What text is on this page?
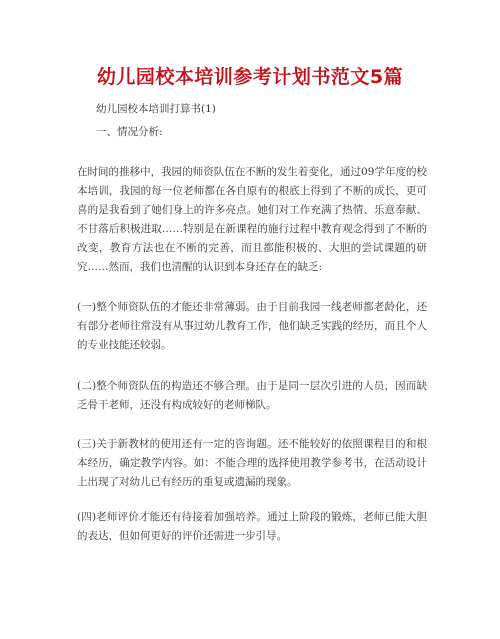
幼儿园校本培训参考计划书范文5篇
幼儿园校本培训打算书(1)
一、情况分析:

在时间的推移中，我园的师资队伍在不断的发生着变化，通过09学年度的校本培训，我园的每一位老师都在各自原有的根底上得到了不断的成长，更可喜的是我看到了她们身上的许多亮点。她们对工作充满了热情、乐意奉献、不甘落后积极进取……特别是在新课程的施行过程中教育观念得到了不断的改变，教育方法也在不断的完善，而且都能积极的、大胆的尝试课题的研究……然而，我们也清醒的认识到本身还存在的缺乏:

(一)整个师资队伍的才能还非常薄弱。由于目前我园一线老师都老龄化，还有部分老师往常没有从事过幼儿教育工作，他们缺乏实践的经历，而且个人的专业技能还较弱。

(二)整个师资队伍的构造还不够合理。由于是同一层次引进的人员，因而缺乏骨干老师，还没有构成较好的老师梯队。

(三)关于新教材的使用还有一定的咨询题。还不能较好的依照课程目的和根本经历，确定教学内容。如：不能合理的选择使用教学参考书，在活动设计上出现了对幼儿已有经历的重复或遗漏的现象。

(四)老师评价才能还有待接着加强培养。通过上阶段的锻炼，老师已能大胆的表达，但如何更好的评价还需进一步引导。
